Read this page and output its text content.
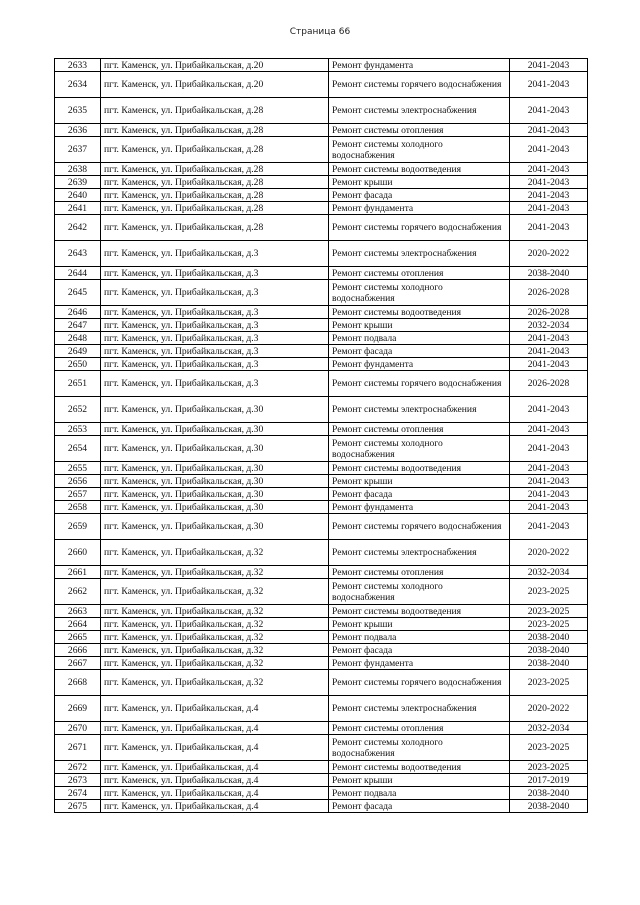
Страница 66
2633	пгт. Каменск, ул. Прибайкальская, д.20	Ремонт фундамента	2041-2043
2634	пгт. Каменск, ул. Прибайкальская, д.20	Ремонт системы горячего водоснабжения	2041-2043
2635	пгт. Каменск, ул. Прибайкальская, д.28	Ремонт системы электроснабжения	2041-2043
2636	пгт. Каменск, ул. Прибайкальская, д.28	Ремонт системы отопления	2041-2043
2637	пгт. Каменск, ул. Прибайкальская, д.28	Ремонт системы холодного водоснабжения	2041-2043
2638	пгт. Каменск, ул. Прибайкальская, д.28	Ремонт системы водоотведения	2041-2043
2639	пгт. Каменск, ул. Прибайкальская, д.28	Ремонт крыши	2041-2043
2640	пгт. Каменск, ул. Прибайкальская, д.28	Ремонт фасада	2041-2043
2641	пгт. Каменск, ул. Прибайкальская, д.28	Ремонт фундамента	2041-2043
2642	пгт. Каменск, ул. Прибайкальская, д.28	Ремонт системы горячего водоснабжения	2041-2043
2643	пгт. Каменск, ул. Прибайкальская, д.3	Ремонт системы электроснабжения	2020-2022
2644	пгт. Каменск, ул. Прибайкальская, д.3	Ремонт системы отопления	2038-2040
2645	пгт. Каменск, ул. Прибайкальская, д.3	Ремонт системы холодного водоснабжения	2026-2028
2646	пгт. Каменск, ул. Прибайкальская, д.3	Ремонт системы водоотведения	2026-2028
2647	пгт. Каменск, ул. Прибайкальская, д.3	Ремонт крыши	2032-2034
2648	пгт. Каменск, ул. Прибайкальская, д.3	Ремонт подвала	2041-2043
2649	пгт. Каменск, ул. Прибайкальская, д.3	Ремонт фасада	2041-2043
2650	пгт. Каменск, ул. Прибайкальская, д.3	Ремонт фундамента	2041-2043
2651	пгт. Каменск, ул. Прибайкальская, д.3	Ремонт системы горячего водоснабжения	2026-2028
2652	пгт. Каменск, ул. Прибайкальская, д.30	Ремонт системы электроснабжения	2041-2043
2653	пгт. Каменск, ул. Прибайкальская, д.30	Ремонт системы отопления	2041-2043
2654	пгт. Каменск, ул. Прибайкальская, д.30	Ремонт системы холодного водоснабжения	2041-2043
2655	пгт. Каменск, ул. Прибайкальская, д.30	Ремонт системы водоотведения	2041-2043
2656	пгт. Каменск, ул. Прибайкальская, д.30	Ремонт крыши	2041-2043
2657	пгт. Каменск, ул. Прибайкальская, д.30	Ремонт фасада	2041-2043
2658	пгт. Каменск, ул. Прибайкальская, д.30	Ремонт фундамента	2041-2043
2659	пгт. Каменск, ул. Прибайкальская, д.30	Ремонт системы горячего водоснабжения	2041-2043
2660	пгт. Каменск, ул. Прибайкальская, д.32	Ремонт системы электроснабжения	2020-2022
2661	пгт. Каменск, ул. Прибайкальская, д.32	Ремонт системы отопления	2032-2034
2662	пгт. Каменск, ул. Прибайкальская, д.32	Ремонт системы холодного водоснабжения	2023-2025
2663	пгт. Каменск, ул. Прибайкальская, д.32	Ремонт системы водоотведения	2023-2025
2664	пгт. Каменск, ул. Прибайкальская, д.32	Ремонт крыши	2023-2025
2665	пгт. Каменск, ул. Прибайкальская, д.32	Ремонт подвала	2038-2040
2666	пгт. Каменск, ул. Прибайкальская, д.32	Ремонт фасада	2038-2040
2667	пгт. Каменск, ул. Прибайкальская, д.32	Ремонт фундамента	2038-2040
2668	пгт. Каменск, ул. Прибайкальская, д.32	Ремонт системы горячего водоснабжения	2023-2025
2669	пгт. Каменск, ул. Прибайкальская, д.4	Ремонт системы электроснабжения	2020-2022
2670	пгт. Каменск, ул. Прибайкальская, д.4	Ремонт системы отопления	2032-2034
2671	пгт. Каменск, ул. Прибайкальская, д.4	Ремонт системы холодного водоснабжения	2023-2025
2672	пгт. Каменск, ул. Прибайкальская, д.4	Ремонт системы водоотведения	2023-2025
2673	пгт. Каменск, ул. Прибайкальская, д.4	Ремонт крыши	2017-2019
2674	пгт. Каменск, ул. Прибайкальская, д.4	Ремонт подвала	2038-2040
2675	пгт. Каменск, ул. Прибайкальская, д.4	Ремонт фасада	2038-2040
